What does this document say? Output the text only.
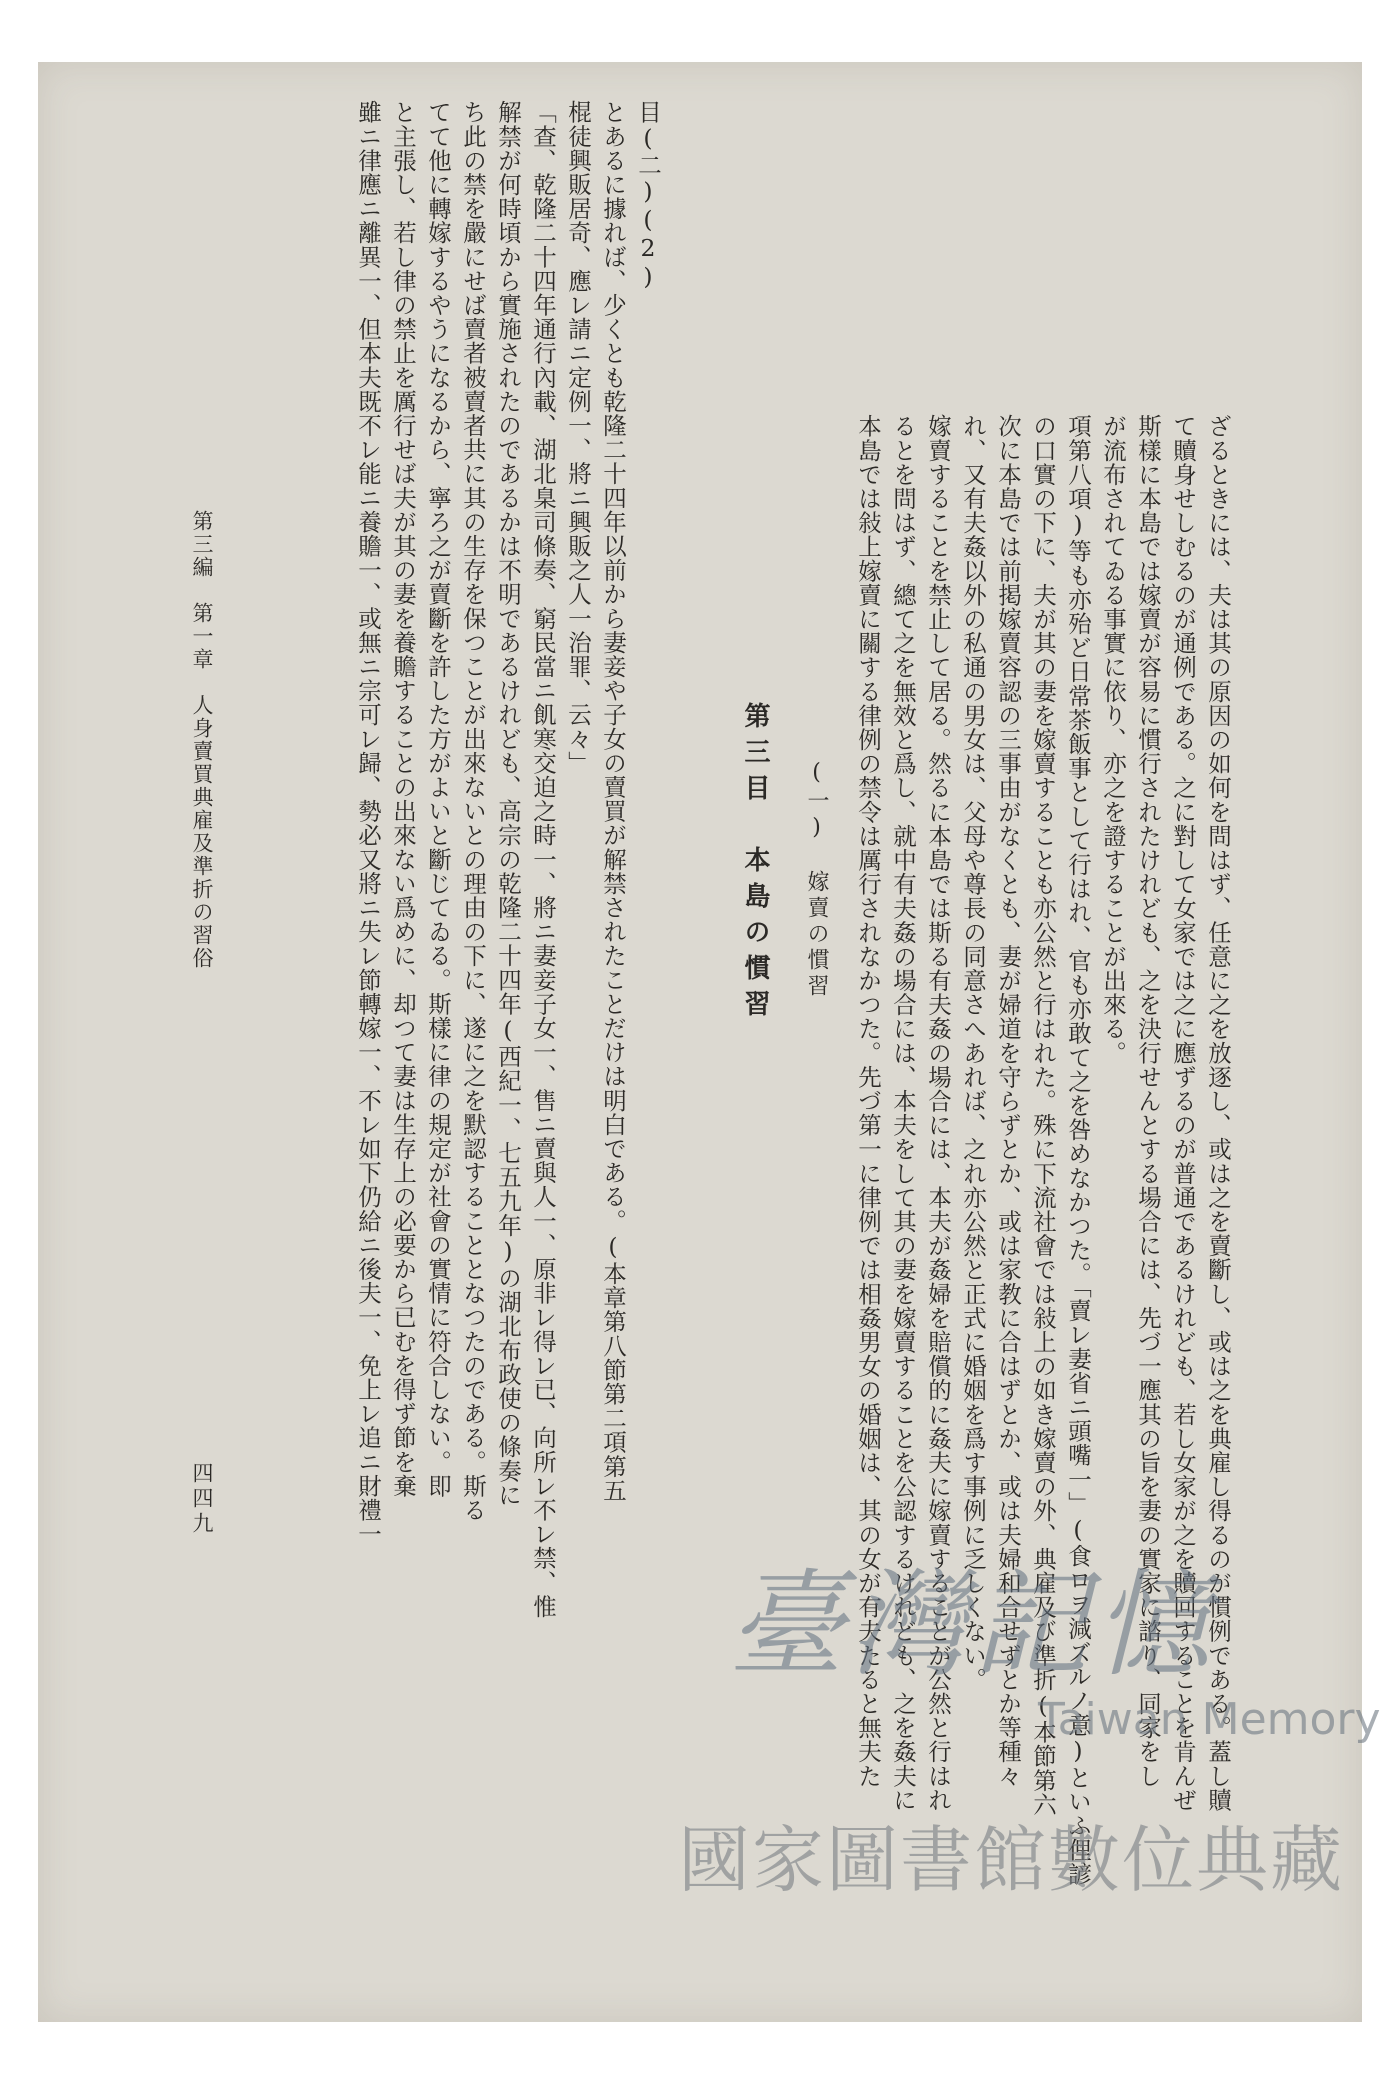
雖ニ律應ニ離異一、但本夫既不レ能ニ養贍一、或無ニ宗可レ歸、勢必又將ニ失レ節轉嫁一、不レ如下仍給ニ後夫一、免上レ追ニ財禮一 と主張し、若し律の禁止を厲行せば夫が其の妻を養贍することの出來ない爲めに、却つて妻は生存上の必要から已むを得ず節を棄 てて他に轉嫁するやうになるから、寧ろ之が賣斷を許した方がよいと斷じてゐる。斯樣に律の規定が社會の實情に符合しない。即 ち此の禁を嚴にせば賣者被賣者共に其の生存を保つことが出來ないとの理由の下に、遂に之を默認することとなつたのである。斯る 解禁が何時頃から實施されたのであるかは不明であるけれども、高宗の乾隆二十四年(西紀一、七五九年)の湖北布政使の條奏に 「查、乾隆二十四年通行內載、湖北臬司條奏、窮民當ニ飢寒交迫之時一、將ニ妻妾子女一、售ニ賣與人一、原非レ得レ已、向所レ不レ禁、惟 棍徒興販居奇、應レ請ニ定例一、將ニ興販之人一治罪、云々」 とあるに據れば、少くとも乾隆二十四年以前から妻妾や子女の賣買が解禁されたことだけは明白である。(本章第八節第二項第五 目(二)(2)
第三目　本島の慣習 (一)　嫁賣の慣習 本島では敍上嫁賣に關する律例の禁令は厲行されなかつた。先づ第一に律例では相姦男女の婚姻は、其の女が有夫たると無夫た るとを問はず、總て之を無效と爲し、就中有夫姦の場合には、本夫をして其の妻を嫁賣することを公認するけれども、之を姦夫に 嫁賣することを禁止して居る。然るに本島では斯る有夫姦の場合には、本夫が姦婦を賠償的に姦夫に嫁賣することが公然と行はれ れ、又有夫姦以外の私通の男女は、父母や尊長の同意さへあれば、之れ亦公然と正式に婚姻を爲す事例に乏しくない。 次に本島では前掲嫁賣容認の三事由がなくとも、妻が婦道を守らずとか、或は家教に合はずとか、或は夫婦和合せずとか等種々 の口實の下に、夫が其の妻を嫁賣することも亦公然と行はれた。殊に下流社會では敍上の如き嫁賣の外、典雇及び準折(本節第六 項第八項)等も亦殆ど日常茶飯事として行はれ、官も亦敢て之を咎めなかつた。「賣レ妻省ニ頭嘴一」(食ロヲ減ズルノ意)といふ俚諺 が流布されてゐる事實に依り、亦之を證することが出來る。 斯樣に本島では嫁賣が容易に慣行されたけれども、之を決行せんとする場合には、先づ一應其の旨を妻の實家に諮り、同家をし て贖身せしむるのが通例である。之に對して女家では之に應ずるのが普通であるけれども、若し女家が之を贖回することを肯んぜ ざるときには、夫は其の原因の如何を問はず、任意に之を放逐し、或は之を賣斷し、或は之を典雇し得るのが慣例である。蓋し贖
第三編　第一章　人身賣買典雇及準折の習俗
四四九
臺灣記憶
Taiwan Memory
國家圖書館數位典藏
